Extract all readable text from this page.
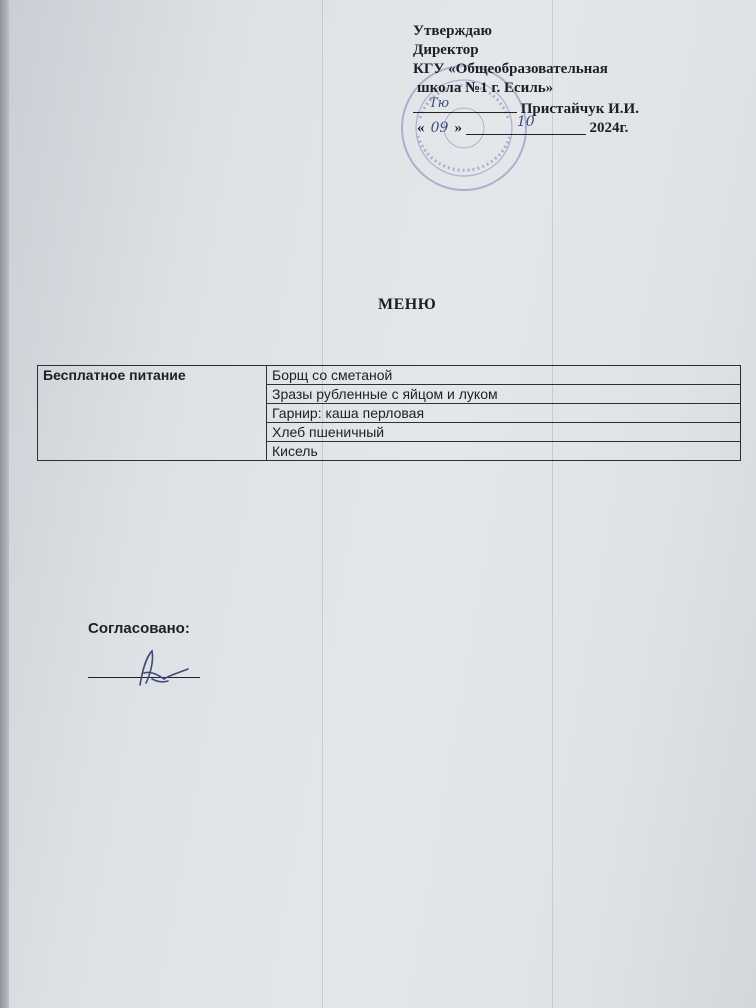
Утверждаю
Директор
КГУ «Общеобразовательная
школа №1 г. Есиль»
Тю	Пристайчук И.И.
« 09 »	10	2024г.
МЕНЮ
Бесплатное питание	Борщ со сметаной
Зразы рубленные с яйцом и луком
Гарнир: каша перловая
Хлеб пшеничный
Кисель
Согласовано:
